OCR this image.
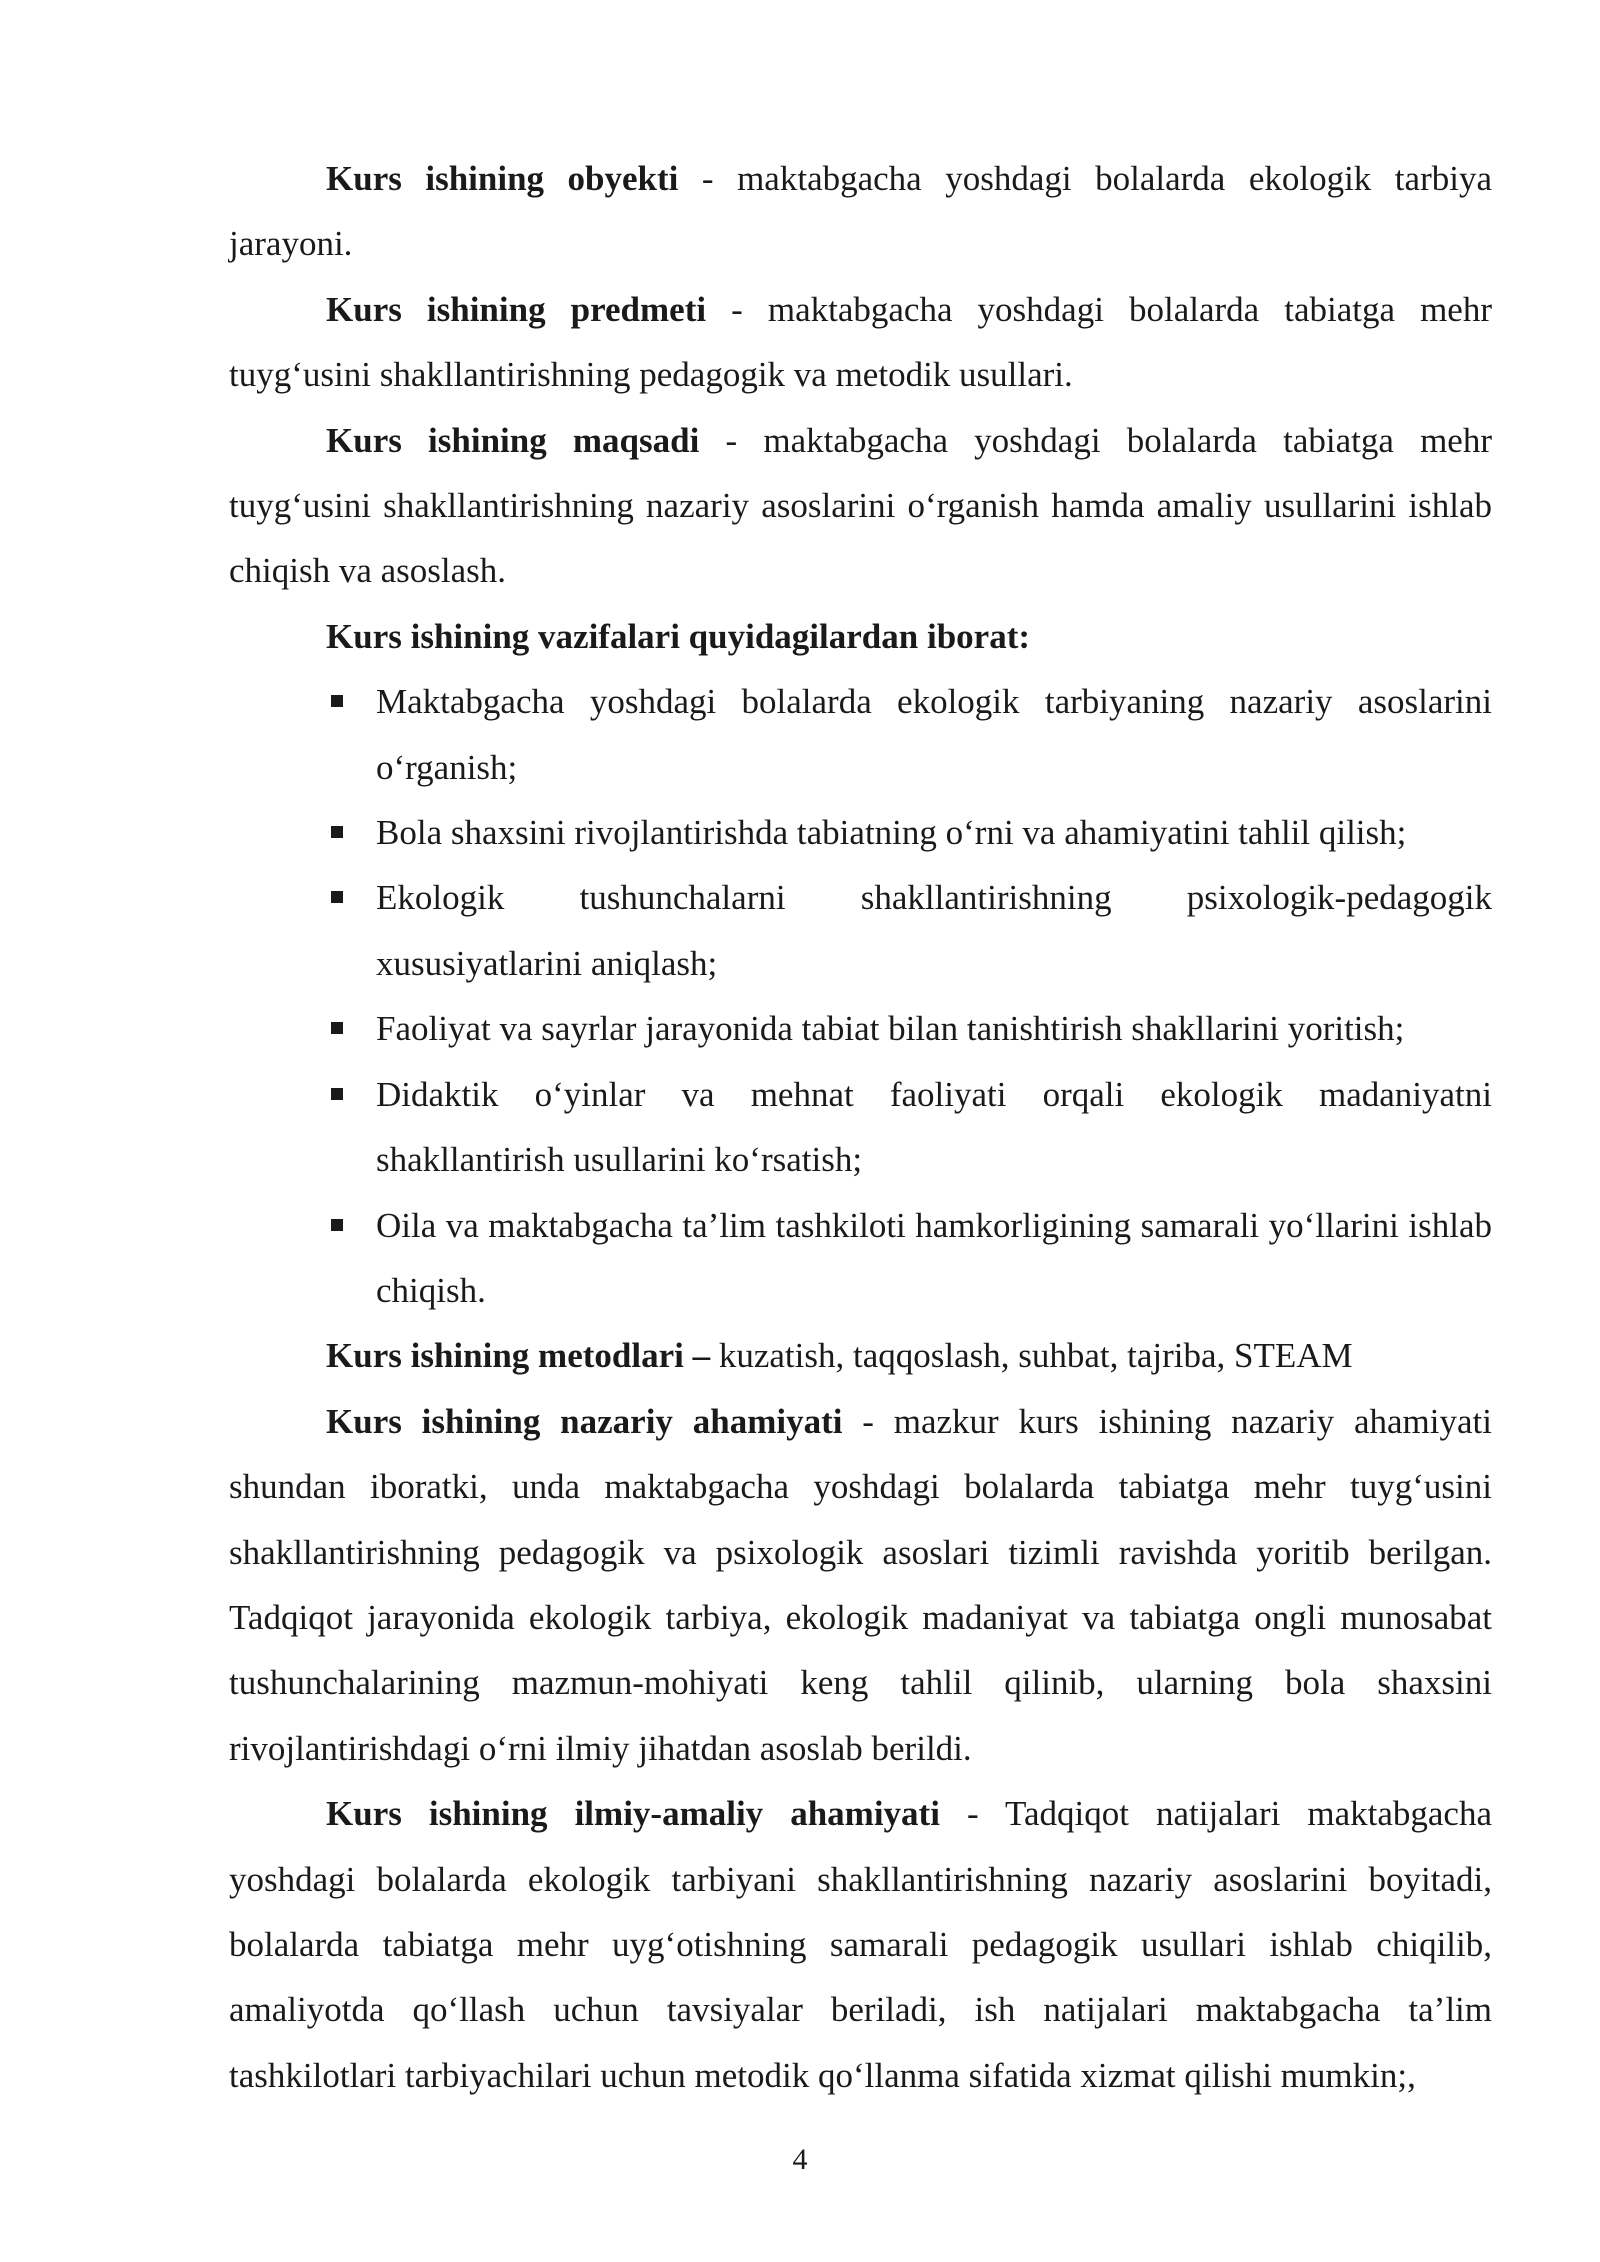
Kurs ishining obyekti - maktabgacha yoshdagi bolalarda ekologik tarbiya jarayoni.

Kurs ishining predmeti - maktabgacha yoshdagi bolalarda tabiatga mehr tuyg‘usini shakllantirishning pedagogik va metodik usullari.

Kurs ishining maqsadi - maktabgacha yoshdagi bolalarda tabiatga mehr tuyg‘usini shakllantirishning nazariy asoslarini o‘rganish hamda amaliy usullarini ishlab chiqish va asoslash.

Kurs ishining vazifalari quyidagilardan iborat:

Maktabgacha yoshdagi bolalarda ekologik tarbiyaning nazariy asoslarini o‘rganish;
Bola shaxsini rivojlantirishda tabiatning o‘rni va ahamiyatini tahlil qilish;
Ekologik tushunchalarni shakllantirishning psixologik-pedagogik xususiyatlarini aniqlash;
Faoliyat va sayrlar jarayonida tabiat bilan tanishtirish shakllarini yoritish;
Didaktik o‘yinlar va mehnat faoliyati orqali ekologik madaniyatni shakllantirish usullarini ko‘rsatish;
Oila va maktabgacha ta’lim tashkiloti hamkorligining samarali yo‘llarini ishlab chiqish.

Kurs ishining metodlari – kuzatish, taqqoslash, suhbat, tajriba, STEAM

Kurs ishining nazariy ahamiyati - mazkur kurs ishining nazariy ahamiyati shundan iboratki, unda maktabgacha yoshdagi bolalarda tabiatga mehr tuyg‘usini shakllantirishning pedagogik va psixologik asoslari tizimli ravishda yoritib berilgan. Tadqiqot jarayonida ekologik tarbiya, ekologik madaniyat va tabiatga ongli munosabat tushunchalarining mazmun-mohiyati keng tahlil qilinib, ularning bola shaxsini rivojlantirishdagi o‘rni ilmiy jihatdan asoslab berildi.

Kurs ishining ilmiy-amaliy ahamiyati - Tadqiqot natijalari maktabgacha yoshdagi bolalarda ekologik tarbiyani shakllantirishning nazariy asoslarini boyitadi, bolalarda tabiatga mehr uyg‘otishning samarali pedagogik usullari ishlab chiqilib, amaliyotda qo‘llash uchun tavsiyalar beriladi, ish natijalari maktabgacha ta’lim tashkilotlari tarbiyachilari uchun metodik qo‘llanma sifatida xizmat qilishi mumkin;,

4
